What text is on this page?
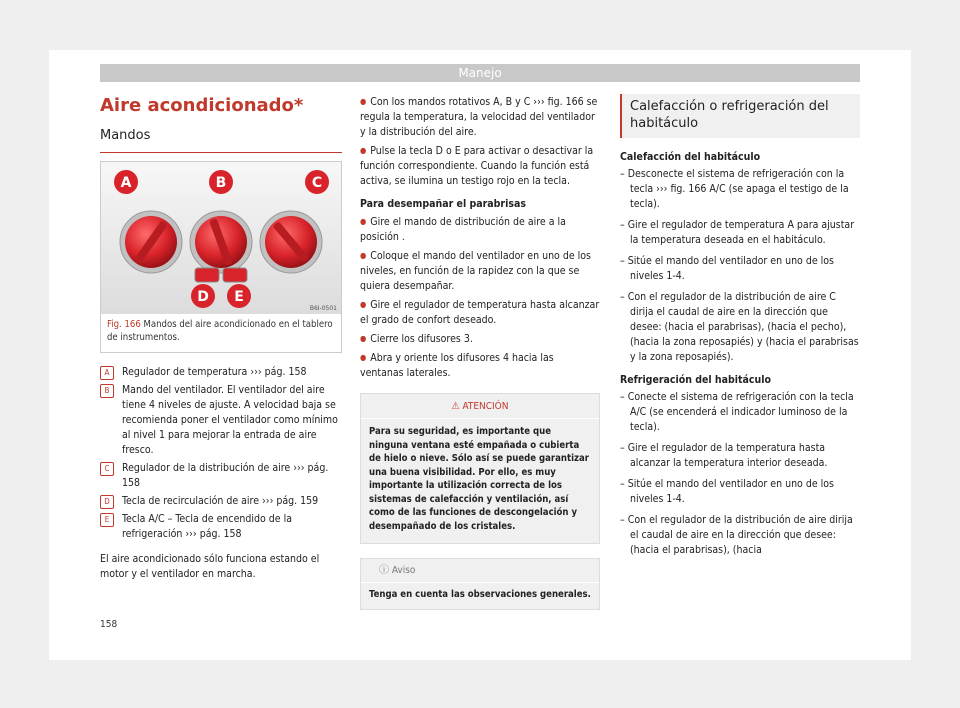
Manejo
Aire acondicionado*
Mandos
A	B	C
D E
B6I-0501
Fig. 166 Mandos del aire acondicionado en el tablero de instrumentos.
A	Regulador de temperatura ››› pág. 158
B	Mando del ventilador. El ventilador del aire tiene 4 niveles de ajuste. A velocidad baja se recomienda poner el ventilador como mínimo al nivel 1 para mejorar la entrada de aire fresco.
C	Regulador de la distribución de aire ››› pág. 158
D	Tecla de recirculación de aire ››› pág. 159
E	Tecla A/C – Tecla de encendido de la refrigeración ››› pág. 158

El aire acondicionado sólo funciona estando el motor y el ventilador en marcha.

● Con los mandos rotativos A, B y C ››› fig. 166 se regula la temperatura, la velocidad del ventilador y la distribución del aire.

● Pulse la tecla D o E para activar o desactivar la función correspondiente. Cuando la función está activa, se ilumina un testigo rojo en la tecla.

Para desempañar el parabrisas

● Gire el mando de distribución de aire a la posición .

● Coloque el mando del ventilador en uno de los niveles, en función de la rapidez con la que se quiera desempañar.

● Gire el regulador de temperatura hasta alcanzar el grado de confort deseado.

● Cierre los difusores 3.

● Abra y oriente los difusores 4 hacia las ventanas laterales.

⚠ ATENCIÓN
Para su seguridad, es importante que ninguna ventana esté empañada o cubierta de hielo o nieve. Sólo así se puede garantizar una buena visibilidad. Por ello, es muy importante la utilización correcta de los sistemas de calefacción y ventilación, así como de las funciones de descongelación y desempañado de los cristales.
ⓘ Aviso
Tenga en cuenta las observaciones generales.
Calefacción o refrigeración del habitáculo

Calefacción del habitáculo

– Desconecte el sistema de refrigeración con la tecla ››› fig. 166 A/C (se apaga el testigo de la tecla).

– Gire el regulador de temperatura A para ajustar la temperatura deseada en el habitáculo.

– Sitúe el mando del ventilador en uno de los niveles 1-4.

– Con el regulador de la distribución de aire C dirija el caudal de aire en la dirección que desee: (hacia el parabrisas), (hacia el pecho), (hacia la zona reposapiés) y (hacia el parabrisas y la zona reposapiés).

Refrigeración del habitáculo

– Conecte el sistema de refrigeración con la tecla A/C (se encenderá el indicador luminoso de la tecla).

– Gire el regulador de la temperatura hasta alcanzar la temperatura interior deseada.

– Sitúe el mando del ventilador en uno de los niveles 1-4.

– Con el regulador de la distribución de aire dirija el caudal de aire en la dirección que desee: (hacia el parabrisas), (hacia

158
